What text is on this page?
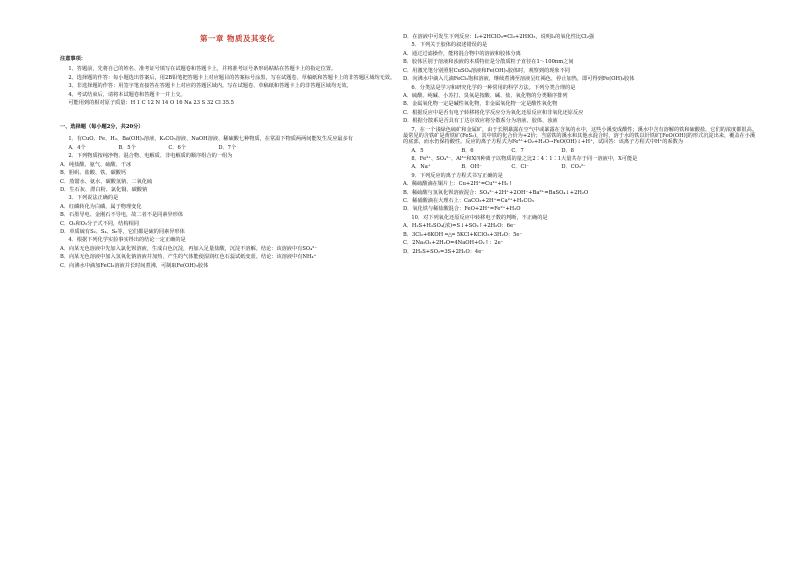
第一章 物质及其变化
注意事项：
1、答题前，先将自己的姓名、准考证号填写在试题卷和答题卡上，并将准考证号条形码粘贴在答题卡上的指定位置。
2、选择题的作答：每小题选出答案后，用2B铅笔把答题卡上对应题目的答案标号涂黑，写在试题卷、草稿纸和答题卡上的非答题区域均无效。
3、非选择题的作答：用签字笔直接答在答题卡上对应的答题区域内。写在试题卷、草稿纸和答题卡上的非答题区域均无效。
4、考试结束后，请将本试题卷和答题卡一并上交。
可能用到的相对原子质量：H 1 C 12 N 14 O 16 Na 23 S 32 Cl 35.5
一、选择题（每小题2分，共20分）
1．有CuO、Fe、H₂、Ba(OH)₂溶液、K₂CO₃溶液、NaOH溶液、稀硫酸七种物质，在常温下物质两两间能发生反应最多有
A．4个	B．5个	C．6个	D．7个
2．下列物质按纯净物、混合物、电解质、非电解质的顺序组合的一组为
A．纯盐酸、氨气、硫酸、干冰
B．胆矾、盐酸、铁、碳酸钙
C．蒸馏水、氨水、碳酸氢钠、二氧化硫
D．生石灰、漂白粉、氯化铜、碳酸钠
3．下列说法正确的是
A．红磷转化为白磷，属于物理变化
B．石墨导电、金刚石不导电，故二者不是同素异形体
C．O₂和O₃分子式不同，结构相同
D．单质硫有S₂、S₄、S₆等，它们都是硫的同素异形体
4．根据下列化学实验事实得出的结论一定正确的是
A．向某无色溶液中先加入氯化钡溶液，生成白色沉淀，再加入足量盐酸，沉淀不溶解。结论：该溶液中有SO₄²⁻
B．向某无色溶液中加入氢氧化钠溶液并加热，产生的气体能使湿润红色石蕊试纸变蓝。结论：该溶液中有NH₄⁺
C．向沸水中滴加FeCl₃溶液并长时间煮沸，可制取Fe(OH)₃胶体
D．在溶液中可发生下列反应：I₂+2HClO₃=Cl₂+2HIO₃，说明I₂的氧化性比Cl₂强
5．下列关于胶体的叙述错误的是
A．通过过滤操作，能将混合物中的溶液和胶体分离
B．胶体区别于溶液和浊液的本质特征是分散质粒子直径在1～100nm之间
C．用激光笔分别照射CuSO₄溶液和Fe(OH)₃胶体时，观察到的现象不同
D．向沸水中滴入几滴FeCl₃饱和溶液，继续煮沸至溶液呈红褐色，停止加热，即可得到Fe(OH)₃胶体
6．分类法是学习和研究化学的一种常用的科学方法。下列分类合理的是
A．硫酸、纯碱、小苏打、臭氧是按酸、碱、盐、氧化物的分类顺序排列
B．金属氧化物一定是碱性氧化物，非金属氧化物一定是酸性氧化物
C．根据反应中是否有电子转移将化学反应分为氧化还原反应和非氧化还原反应
D．根据分散系是否具有丁达尔效应将分散系分为溶液、胶体、浊液
7．在一个浅绿色硫矿和金属矿，由于长期暴露在空气中或暴露在含氧的水中，这些小溪变成酸性；溪水中含有溶解的铁和硫酸盐，它们的浓度都很高。最常见的含铁矿是黄铁矿(FeS₂)，其中铁的化合价为+2价；当富铁的溪水和其他水混合时，溶于水的铁以针铁矿[FeO(OH)]的形式沉淀出来，覆盖在小溪的底部，而水仍保持酸性。反应的离子方程式为Fe²⁺+O₂+H₂O→FeO(OH)↓+H⁺，试回答：该离子方程式中H⁺的系数为
A．5	B．6	C．7	D．8
8．Fe³⁺、SO₄²⁻、Al³⁺和X四种离子以物质的量之比2∶4∶1∶1大量共存于同一溶液中，X可能是
A．Na⁺	B．OH⁻	C．Cl⁻	D．CO₃²⁻
9．下列反应的离子方程式书写正确的是
A．稀硫酸滴在铜片上：Cu+2H⁺=Cu²⁺+H₂↑
B．稀硫酸与氢氧化钡溶液混合：SO₄²⁻+2H⁺+2OH⁻+Ba²⁺=BaSO₄↓+2H₂O
C．稀硝酸滴在大理石上：CaCO₃+2H⁺=Ca²⁺+H₂CO₃
D．氧化铁与稀盐酸混合：FeO+2H⁺=Fe²⁺+H₂O
10．对下列氧化还原反应中转移电子数的判断，不正确的是
A．H₂S+H₂SO₄(浓)=S↓+SO₂↑+2H₂O：6e⁻
B．3Cl₂+6KOH ═△═ 5KCl+KClO₃+3H₂O：5e⁻
C．2Na₂O₂+2H₂O=4NaOH+O₂↑：2e⁻
D．2H₂S+SO₂=3S+2H₂O：4e⁻
